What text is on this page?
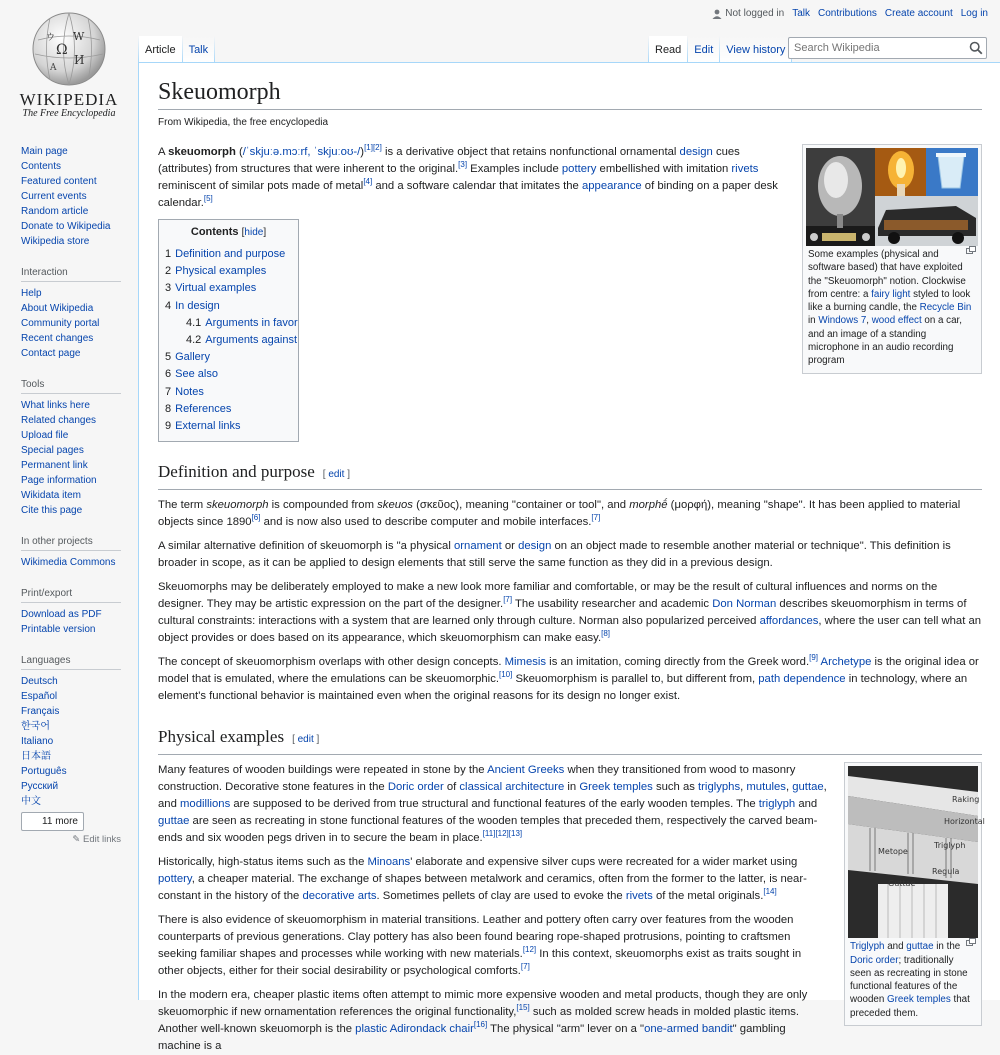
Ω
W
И
ウ
A
WIKIPEDIA
The Free Encyclopedia
Main page
Contents
Featured content
Current events
Random article
Donate to Wikipedia
Wikipedia store
Interaction
Help
About Wikipedia
Community portal
Recent changes
Contact page
Tools
What links here
Related changes
Upload file
Special pages
Permanent link
Page information
Wikidata item
Cite this page
In other projects
Wikimedia Commons
Print/export
Download as PDF
Printable version
Languages
Deutsch
Español
Français
한국어
Italiano
日本語
Português
Русский
中文
11 more
✎ Edit links
Not logged in Talk Contributions Create account Log in
Article	Talk	Read	Edit	View history
Search Wikipedia
Skeuomorph
From Wikipedia, the free encyclopedia
Some examples (physical and software based) that have exploited the "Skeuomorph" notion. Clockwise from centre: a fairy light styled to look like a burning candle, the Recycle Bin in Windows 7, wood effect on a car, and an image of a standing microphone in an audio recording program

A skeuomorph (/ˈskjuːə.mɔːrf, ˈskjuːoʊ-/)[1][2] is a derivative object that retains nonfunctional ornamental design cues (attributes) from structures that were inherent to the original.[3] Examples include pottery embellished with imitation rivets reminiscent of similar pots made of metal[4] and a software calendar that imitates the appearance of binding on a paper desk calendar.[5]

Contents [hide]
1 Definition and purpose
2 Physical examples
3 Virtual examples
4 In design
4.1 Arguments in favor
4.2 Arguments against
5 Gallery
6 See also
7 Notes
8 References
9 External links
Definition and purpose [ edit ]

The term skeuomorph is compounded from skeuos (σκεῦος), meaning "container or tool", and morphḗ (μορφή), meaning "shape". It has been applied to material objects since 1890[6] and is now also used to describe computer and mobile interfaces.[7]

A similar alternative definition of skeuomorph is "a physical ornament or design on an object made to resemble another material or technique". This definition is broader in scope, as it can be applied to design elements that still serve the same function as they did in a previous design.

Skeuomorphs may be deliberately employed to make a new look more familiar and comfortable, or may be the result of cultural influences and norms on the designer. They may be artistic expression on the part of the designer.[7] The usability researcher and academic Don Norman describes skeuomorphism in terms of cultural constraints: interactions with a system that are learned only through culture. Norman also popularized perceived affordances, where the user can tell what an object provides or does based on its appearance, which skeuomorphism can make easy.[8]

The concept of skeuomorphism overlaps with other design concepts. Mimesis is an imitation, coming directly from the Greek word.[9] Archetype is the original idea or model that is emulated, where the emulations can be skeuomorphic.[10] Skeuomorphism is parallel to, but different from, path dependence in technology, where an element's functional behavior is maintained even when the original reasons for its design no longer exist.

Physical examples [ edit ]
Raking
Horizontal
Triglyph
Metope
Regula
Guttae
Triglyph and guttae in the Doric order; traditionally seen as recreating in stone functional features of the wooden Greek temples that preceded them.

Many features of wooden buildings were repeated in stone by the Ancient Greeks when they transitioned from wood to masonry construction. Decorative stone features in the Doric order of classical architecture in Greek temples such as triglyphs, mutules, guttae, and modillions are supposed to be derived from true structural and functional features of the early wooden temples. The triglyph and guttae are seen as recreating in stone functional features of the wooden temples that preceded them, respectively the carved beam-ends and six wooden pegs driven in to secure the beam in place.[11][12][13]

Historically, high-status items such as the Minoans' elaborate and expensive silver cups were recreated for a wider market using pottery, a cheaper material. The exchange of shapes between metalwork and ceramics, often from the former to the latter, is near-constant in the history of the decorative arts. Sometimes pellets of clay are used to evoke the rivets of the metal originals.[14]

There is also evidence of skeuomorphism in material transitions. Leather and pottery often carry over features from the wooden counterparts of previous generations. Clay pottery has also been found bearing rope-shaped protrusions, pointing to craftsmen seeking familiar shapes and processes while working with new materials.[12] In this context, skeuomorphs exist as traits sought in other objects, either for their social desirability or psychological comforts.[7]

In the modern era, cheaper plastic items often attempt to mimic more expensive wooden and metal products, though they are only skeuomorphic if new ornamentation references the original functionality,[15] such as molded screw heads in molded plastic items. Another well-known skeuomorph is the plastic Adirondack chair[16] The physical "arm" lever on a "one-armed bandit" gambling machine is a
